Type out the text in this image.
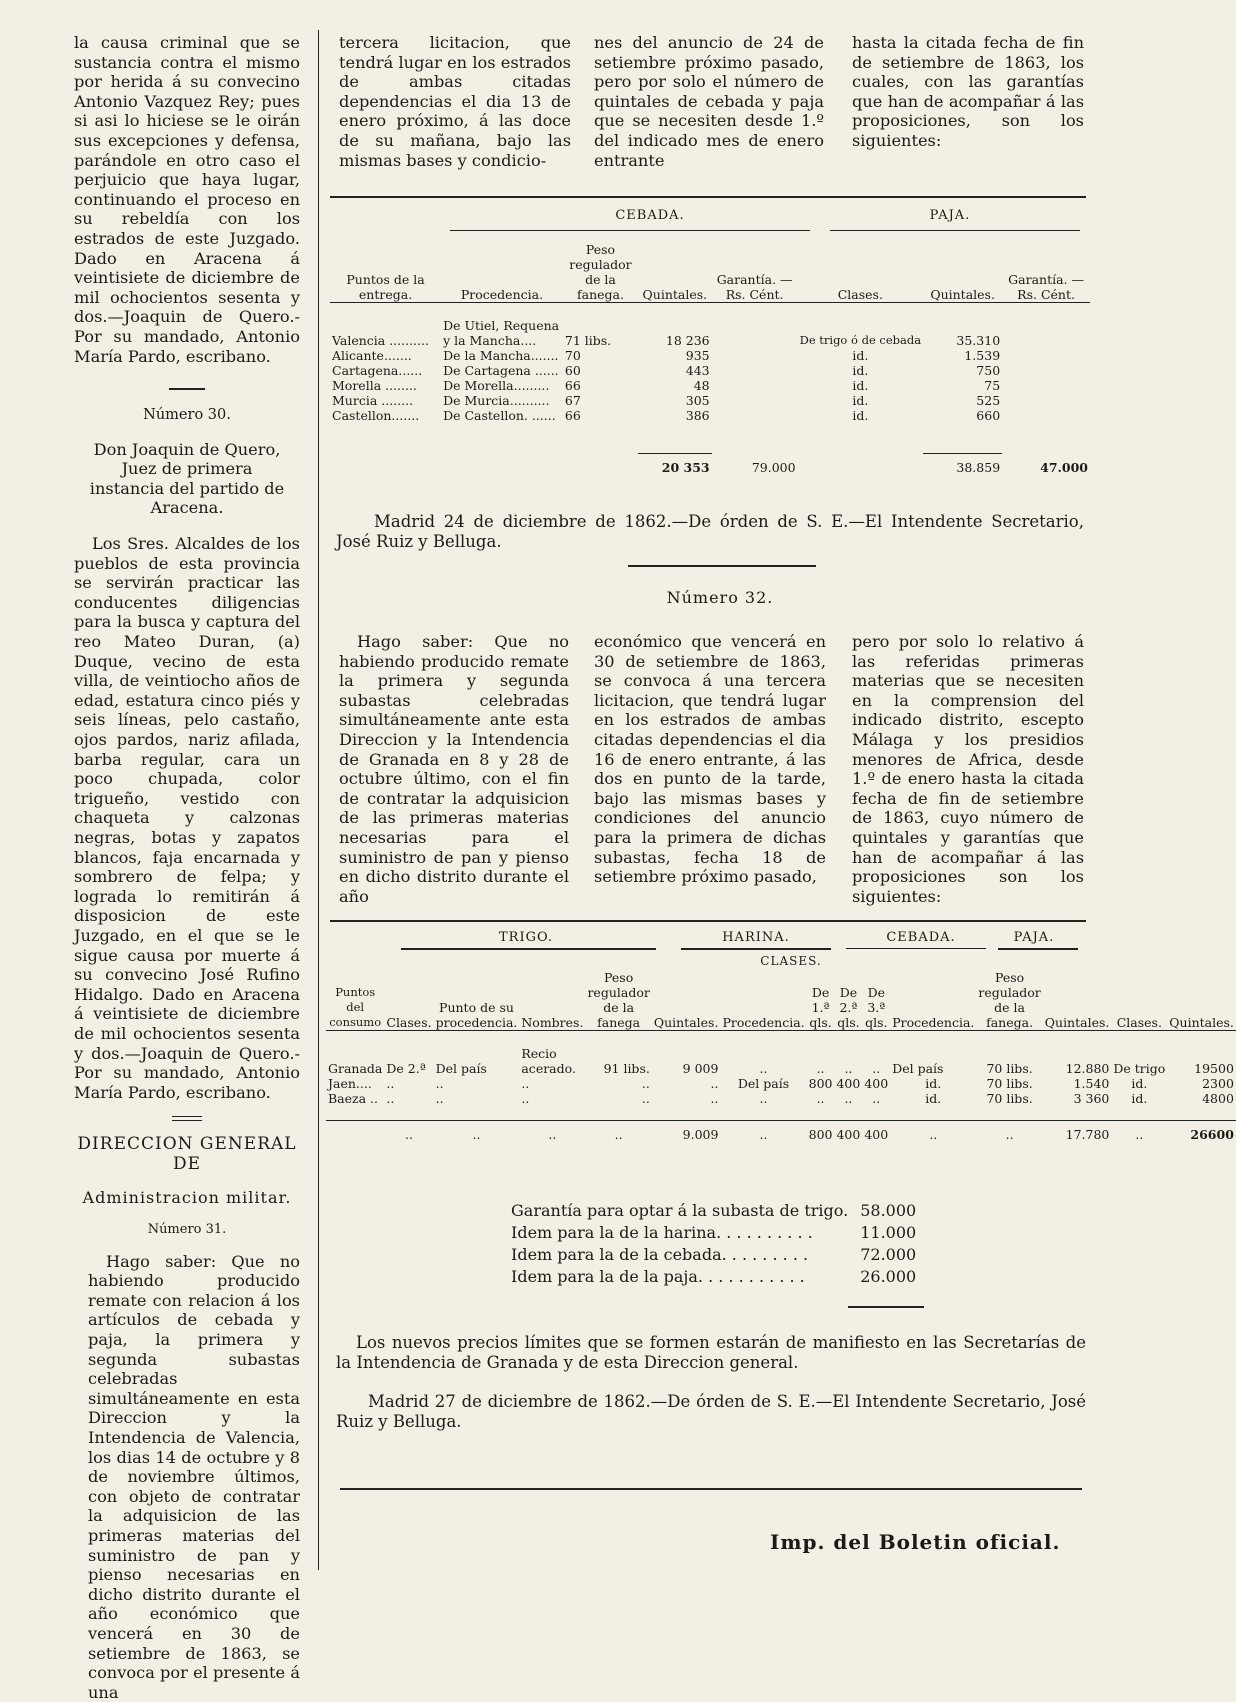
la causa criminal que se sustancia contra el mismo por herida á su convecino Antonio Vazquez Rey; pues si asi lo hiciese se le oirán sus excepciones y defensa, parándole en otro caso el perjuicio que haya lugar, continuando el proceso en su rebeldía con los estrados de este Juzgado. Dado en Aracena á veintisiete de diciembre de mil ochocientos sesenta y dos.—Joaquin de Quero.-Por su mandado, Antonio María Pardo, escribano.

Número 30.

Don Joaquin de Quero, Juez de primera instancia del partido de Aracena.

Los Sres. Alcaldes de los pueblos de esta provincia se servirán practicar las conducentes diligencias para la busca y captura del reo Mateo Duran, (a) Duque, vecino de esta villa, de veintiocho años de edad, estatura cinco piés y seis líneas, pelo castaño, ojos pardos, nariz afilada, barba regular, cara un poco chupada, color trigueño, vestido con chaqueta y calzonas negras, botas y zapatos blancos, faja encarnada y sombrero de felpa; y lograda lo remitirán á disposicion de este Juzgado, en el que se le sigue causa por muerte á su convecino José Rufino Hidalgo. Dado en Aracena á veintisiete de diciembre de mil ochocientos sesenta y dos.—Joaquin de Quero.-Por su mandado, Antonio María Pardo, escribano.

DIRECCION GENERAL DE

Administracion militar.

Número 31.

Hago saber: Que no habiendo producido remate con relacion á los artículos de cebada y paja, la primera y segunda subastas celebradas simultáneamente en esta Direccion y la Intendencia de Valencia, los dias 14 de octubre y 8 de noviembre últimos, con objeto de contratar la adquisicion de las primeras materias del suministro de pan y pienso necesarias en dicho distrito durante el año económico que vencerá en 30 de setiembre de 1863, se convoca por el presente á una

tercera licitacion, que tendrá lugar en los estrados de ambas citadas dependencias el dia 13 de enero próximo, á las doce de su mañana, bajo las mismas bases y condicio-

nes del anuncio de 24 de setiembre próximo pasado, pero por solo el número de quintales de cebada y paja que se necesiten desde 1.º del indicado mes de enero entrante

hasta la citada fecha de fin de setiembre de 1863, los cuales, con las garantías que han de acompañar á las proposiciones, son los siguientes:

CEBADA.	PAJA.
Puntos de la entrega.	Procedencia.	Peso regulador de la fanega.	Quintales.	Garantía. — Rs. Cént.	Clases.	Quintales.	Garantía. — Rs. Cént.

Valencia ..........	De Utiel, Requena y la Mancha....	71 libs.	18 236		De trigo ó de cebada	35.310	
Alicante.......	De la Mancha.......	70	935		id.	1.539	
Cartagena......	De Cartagena ......	60	443		id.	750	
Morella ........	De Morella.........	66	48		id.	75	
Murcia ........	De Murcia..........	67	305		id.	525	
Castellon.......	De Castellon. ......	66	386		id.	660	

			20 353	79.000		38.859	47.000

Madrid 24 de diciembre de 1862.—De órden de S. E.—El Intendente Secretario, José Ruiz y Belluga.

Número 32.

Hago saber: Que no habiendo producido remate la primera y segunda subastas celebradas simultáneamente ante esta Direccion y la Intendencia de Granada en 8 y 28 de octubre último, con el fin de contratar la adquisicion de las primeras materias necesarias para el suministro de pan y pienso en dicho distrito durante el año

económico que vencerá en 30 de setiembre de 1863, se convoca á una tercera licitacion, que tendrá lugar en los estrados de ambas citadas dependencias el dia 16 de enero entrante, á las dos en punto de la tarde, bajo las mismas bases y condiciones del anuncio para la primera de dichas subastas, fecha 18 de setiembre próximo pasado,

pero por solo lo relativo á las referidas primeras materias que se necesiten en la comprension del indicado distrito, escepto Málaga y los presidios menores de Africa, desde 1.º de enero hasta la citada fecha de fin de setiembre de 1863, cuyo número de quintales y garantías que han de acompañar á las proposiciones son los siguientes:

TRIGO.	HARINA.
CLASES.
CEBADA.	PAJA.
Puntos del consumo	Clases.	Punto de su procedencia.	Nombres.	Peso regulador de la fanega	Quintales.	Procedencia.	De 1.ª qls.	De 2.ª qls.	De 3.ª qls.	Procedencia.	Peso regulador de la fanega.	Quintales.	Clases.	Quintales.

Granada	De 2.ª	Del país	Recio acerado.	91 libs.	9 009	..	..	..	..	Del país	70 libs.	12.880	De trigo	19500
Jaen....	..	..	..	..	..	Del país	800	400	400	id.	70 libs.	1.540	id.	2300
Baeza ..	..	..	..	..	..	..	..	..	..	id.	70 libs.	3 360	id.	4800

	..	..	..	..	9.009	..	800	400	400	..	..	17.780	..	26600
Garantía para optar á la subasta de trigo.	58.000
Idem para la de la harina. . . . . . . . . .	11.000
Idem para la de la cebada. . . . . . . . .	72.000
Idem para la de la paja. . . . . . . . . . .	26.000

Los nuevos precios límites que se formen estarán de manifiesto en las Secretarías de la Intendencia de Granada y de esta Direccion general.

Madrid 27 de diciembre de 1862.—De órden de S. E.—El Intendente Secretario, José Ruiz y Belluga.

Imp. del Boletin oficial.
